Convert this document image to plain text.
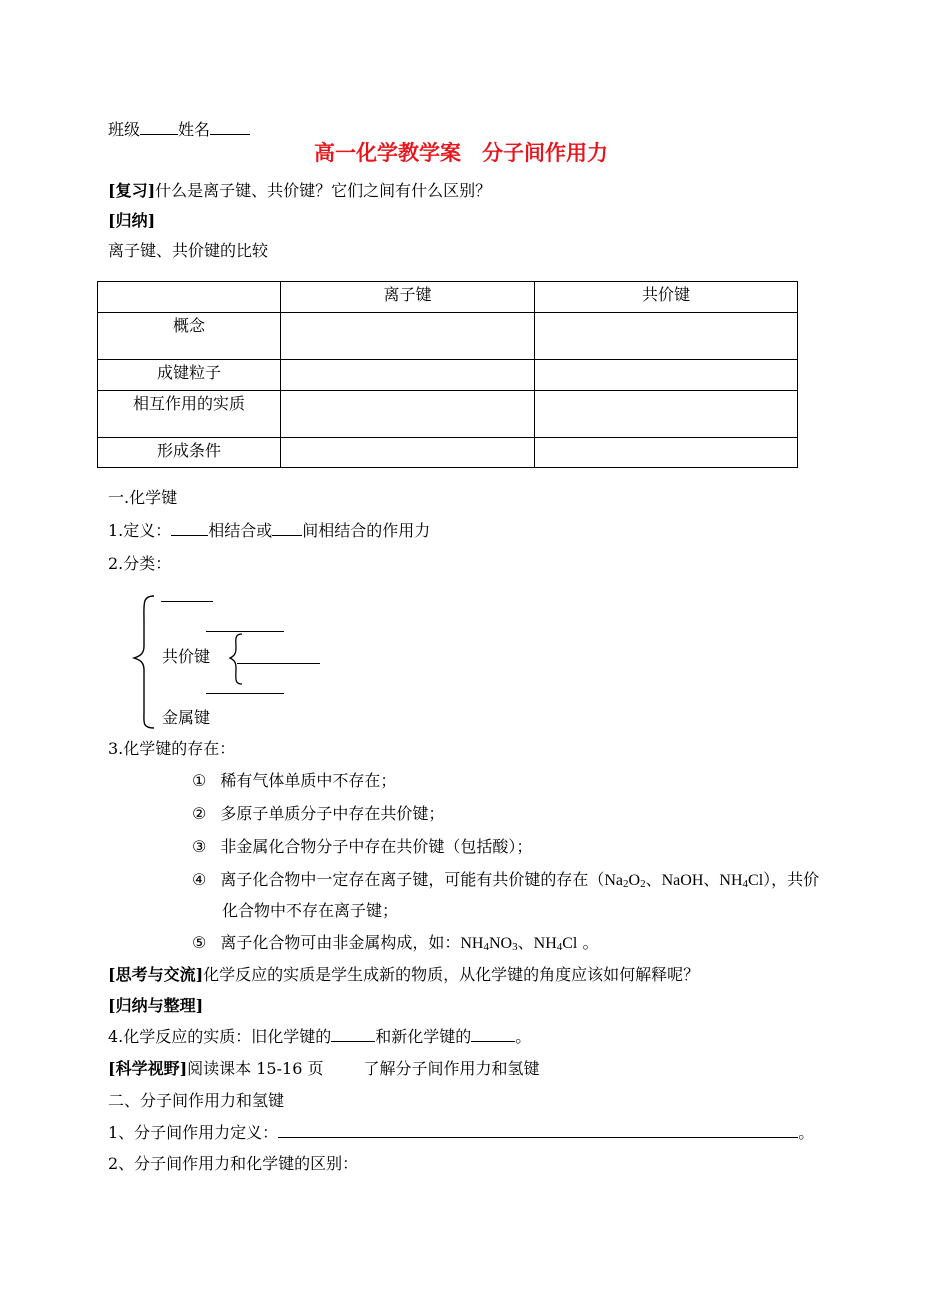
班级 姓名
高一化学教学案　分子间作用力
[复习]什么是离子键、共价键？它们之间有什么区别？
[归纳]
离子键、共价键的比较

	离子键	共价键

概念		

成键粒子		

相互作用的实质		

形成条件		

一.化学键
1.定义： 相结合或 间相结合的作用力
2.分类：
共价键
金属键
3.化学键的存在：
① 稀有气体单质中不存在；
② 多原子单质分子中存在共价键；
③ 非金属化合物分子中存在共价键（包括酸）；
④ 离子化合物中一定存在离子键，可能有共价键的存在（$Na_2O_2$、NaOH、$NH_4Cl$），共价
化合物中不存在离子键；
⑤ 离子化合物可由非金属构成，如：$NH_4NO_3$、$NH_4Cl$ 。
[思考与交流]化学反应的实质是学生成新的物质，从化学键的角度应该如何解释呢？
[归纳与整理]
4.化学反应的实质：旧化学键的	和新化学键的	。
[科学视野]阅读课本 15-16 页	了解分子间作用力和氢键
二、分子间作用力和氢键
1、分子间作用力定义：	。
2、分子间作用力和化学键的区别：
